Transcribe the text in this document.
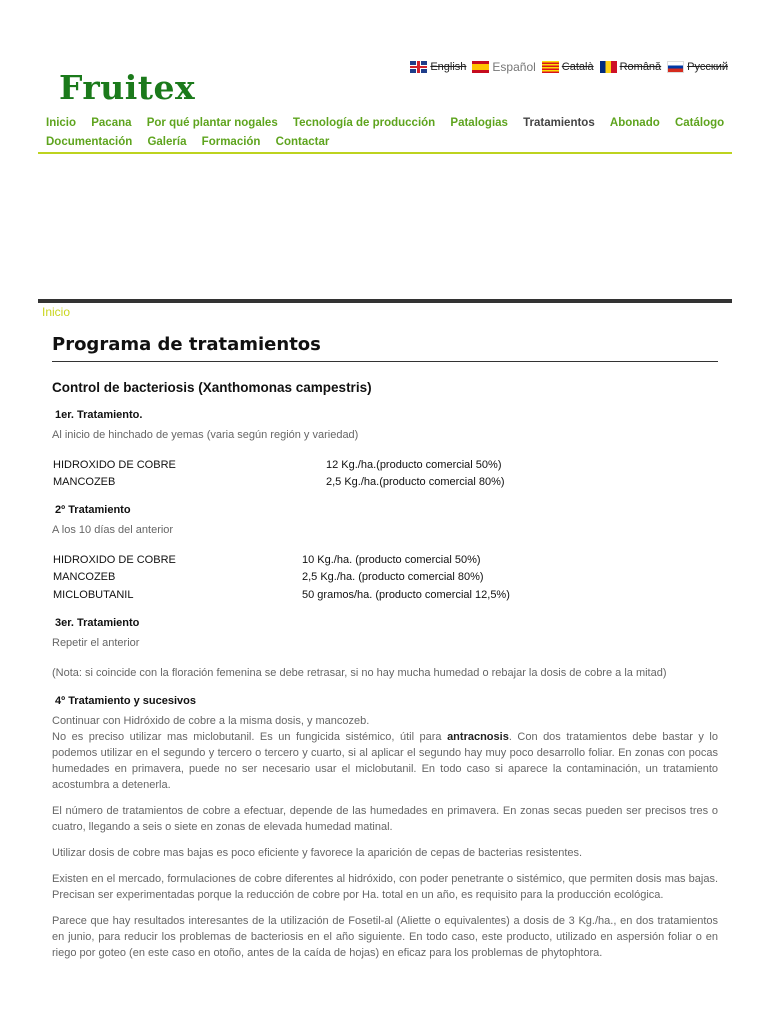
English Español Català Română Русский
Fruitex
Inicio Pacana Por qué plantar nogales Tecnología de producción Patalogias Tratamientos Abonado Catálogo
Documentación Galería Formación Contactar
Inicio
Programa de tratamientos
Control de bacteriosis (Xanthomonas campestris)
1er. Tratamiento.

Al inicio de hinchado de yemas (varia según región y variedad)

HIDROXIDO DE COBRE	12 Kg./ha.(producto comercial 50%)
MANCOZEB	2,5 Kg./ha.(producto comercial 80%)
2º Tratamiento

A los 10 días del anterior

HIDROXIDO DE COBRE	10 Kg./ha. (producto comercial 50%)
MANCOZEB	2,5 Kg./ha. (producto comercial 80%)
MICLOBUTANIL	50 gramos/ha. (producto comercial 12,5%)
3er. Tratamiento

Repetir el anterior

(Nota: si coincide con la floración femenina se debe retrasar, si no hay mucha humedad o rebajar la dosis de cobre a la mitad)

4º Tratamiento y sucesivos

Continuar con Hidróxido de cobre a la misma dosis, y mancozeb.
No es preciso utilizar mas miclobutanil. Es un fungicida sistémico, útil para antracnosis. Con dos tratamientos debe bastar y lo podemos utilizar en el segundo y tercero o tercero y cuarto, si al aplicar el segundo hay muy poco desarrollo foliar. En zonas con pocas humedades en primavera, puede no ser necesario usar el miclobutanil. En todo caso si aparece la contaminación, un tratamiento acostumbra a detenerla.

El número de tratamientos de cobre a efectuar, depende de las humedades en primavera. En zonas secas pueden ser precisos tres o cuatro, llegando a seis o siete en zonas de elevada humedad matinal.

Utilizar dosis de cobre mas bajas es poco eficiente y favorece la aparición de cepas de bacterias resistentes.

Existen en el mercado, formulaciones de cobre diferentes al hidróxido, con poder penetrante o sistémico, que permiten dosis mas bajas. Precisan ser experimentadas porque la reducción de cobre por Ha. total en un año, es requisito para la producción ecológica.

Parece que hay resultados interesantes de la utilización de Fosetil-al (Aliette o equivalentes) a dosis de 3 Kg./ha., en dos tratamientos en junio, para reducir los problemas de bacteriosis en el año siguiente. En todo caso, este producto, utilizado en aspersión foliar o en riego por goteo (en este caso en otoño, antes de la caída de hojas) en eficaz para los problemas de phytophtora.
